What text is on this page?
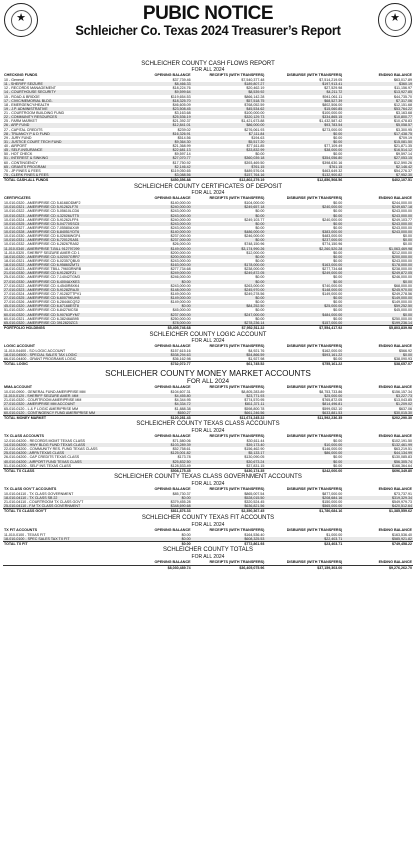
★	PUBIC NOTICE
Schleicher Co. Texas 2024 Treasurer’s Report
★
SCHLEICHER COUNTY CASH FLOWS REPORT
FOR ALL 2024
CHECKING FUNDS	OPENING BALANCE	RECEIPTS (WITH TRANSFERS)	DISBURSE (WITH TRANSFERS)	ENDING BALANCE
10 - General	$37,739.46	$7,540,377.48	$7,514,219.05	$63,017.89
11 - SHERIFF SEIZURE	$8,466.33	$189,807.27	$197,913.41	$360.19
12 - RECORDS MANAGEMENT	$18,224.76	$20,462.19	$27,529.98	$11,156.97
14 - COURTHOUSE SECURITY	$9,599.64	$8,539.92	$4,211.72	$13,927.85
15 - ROAD & BRIDGE	$119,654.53	$866,142.28	$941,061.11	$44,735.70
17 - CIVIC/MEMORIAL BLDG.	$18,325.70	$57,518.75	$68,527.39	$7,317.06
18 - EMERGENCY/HEALTH	$46,605.09	$768,052.59	$802,506.00	$12,151.68
19 - J.P. ADMINISTRATIVE	$23,508.45	$45,534.62	$15,060.85	$53,764.22
21 - COURTROOM BUILDING FUND	$3,163.68	$100,000.00	$100,000.00	$3,163.68
22 - COMMUNITY RESOURCES	$25,536.19	$320,129.73	$334,865.15	$10,800.77
25 - FARM MARKET	$21,392.37	$1,421,673.88	$1,432,587.42	$10,478.83
26 - ARP FUND	$12,841.01	$86,000.00	$93,783.54	$5,058.57
27 - CAPITAL CREDITS	$239.02	$276,061.93	$273,000.00	$3,300.95
28 - TRUANCY P & D FUND	$16,326.91	$7,111.84	$0.00	$17,438.75
29 - JURY FUND	$514.56	$194.63	$0.00	$709.19
31 - JUSTICE COURT TECH FUND	$9,364.30	$5,517.20	$0.00	$15,081.50
40 - AIRPORT	$21,368.99	$77,611.85	$77,109.49	$21,871.35
45 - SELF-INSURANCE	$22,681.13	$33,832.99	$38,000.00	$16,514.12
50 - HOT CHECK	$9,597.14	$0.00	$0.00	$9,597.14
51 - INTEREST & SINKING	$27,070.77	$360,039.18	$354,056.80	$27,053.15
60 - CONTINGENCY	$17,750.92	$393,469.50	$398,630.16	$12,590.26
65 - GRANTS PROGRAM	$2,146.42	$761.15	$761.15	$2,146.42
70 - JP FINES & FEES	$119,050.65	$489,576.04	$463,649.32	$54,276.37
75 - CLERK FINES & FEES	$3,088.56	$157,764.16	$132,900.82	$7,952.30
TOTAL CASH-ALL FUNDS	$450,356.88	$12,802,279.19	$12,850,508.56	$402,107.51
SCHLEICHER COUNTY CERTIFICATES OF DEPOSIT
FOR ALL 2024
CERTIFICATES	OPENING BALANCE	RECEIPTS (WITH TRANSFERS)	DISBURSE (WITH TRANSFERS)	ENDING BALANCE
10-010-0320 - AMERIPRISE CD 5-6168ODMF2	$140,000.00	$104,000.00	$0.00	$244,000.00
10-010-0321 - AMERIPRISE CD 5-91262LF70	$240,000.00	$249,657.18	$240,000.00	$249,657.18
10-010-0322 - AMERIPRISE CD 5-05610LCD6	$243,000.00	$0.00	$0.00	$243,000.00
10-010-0323 - AMERIPRISE CD 4-32026UTT5	$243,000.00	$0.00	$0.00	$243,000.00
10-010-0324 - AMERIPRISE CD 5-91262LFP4	$240,000.00	$249,103.77	$240,000.00	$249,103.77
10-010-0325 - AMERIPRISE CD 5-04770SSC5	$243,000.00	$0.00	$0.00	$243,000.00
10-010-0327 - AMERIPRISE CD 7-05580AX49	$243,000.00	$0.00	$0.00	$243,000.00
10-010-0328 - AMERIPRISE CD 6-84051YDT6	$140,000.00	$486,000.00	$383,000.00	$243,000.00
10-010-0330 - AMERIPRISE CD 6-02606WGF4	$237,000.00	$246,000.00	$483,000.00	$0.00
10-010-0331 - AMERIPRISE CD 6-72012SA51	$237,000.00	$0.00	$237,000.00	$0.00
10-010-0332 - AMERIPRISE CD 6-28267RA52	$26,000.00	$748,150.96	$774,150.96	$0.00
11-010-0340 - AMERIPRISE T-BILL 912797J99	$149,000.00	$3,174,990.26	$2,260,520.28	$1,063,469.98
11-010-0320 - SHERIFF SEIZURE AMER CD 1	$200,000.00	$12,000.00	$0.00	$212,000.00
18-010-0320 - AMERIPRISE CD 4-02007GRR7	$200,000.00	$0.00	$0.00	$200,000.00
18-010-0321 - AMERIPRISE CD 6-02357QBU0	$243,000.00	$0.00	$0.00	$243,000.00
18-010-0322 - AMERIPRISE CD 6-95860ZMT1	$163,000.00	$178,000.00	$163,000.00	$178,000.00
18-010-0323 - AMERIPRISE TBILL 79603RNRB	$277,734.68	$238,000.00	$277,734.68	$238,000.00
21-010-0330 - AMERIPRISE CD 6-91282FZ1	$249,000.00	$249,872.05	$249,000.00	$249,872.05
25-010-0330 - AMERIPRISE CD 7-14042TGM3	$246,000.00	$0.00	$0.00	$246,000.00
27-010-0330 - AMERIPRISE CD 6-4004AXKE3	$0.00	$0.00	$0.00	$0.00
27-010-0322 - AMERIPRISE CD 4-4540R8XK4	$243,000.00	$263,000.00	$740,000.00	$68,000.00
27-010-0323 - AMERIPRISE CD 5-9128ZRAJ0	$148,000.00	$245,970.00	$148,000.00	$245,970.00
27-010-0324 - AMERIPRISE CD 7-91282TTPV1	$149,000.00	$249,278.56	$149,000.00	$249,278.56
27-010-0325 - AMERIPRISE CD 6-60079KUH8	$149,000.00	$0.00	$0.00	$149,000.00
27-010-0326 - AMERIPRISE CD 6-28446CQS2	$149,000.00	$0.00	$0.00	$149,000.00
45-010-0320 - AMERIPRISE CD 6-67168EST8	$0.00	$84,252.50	$25,000.00	$59,252.50
51-010-0320 - AMERIPRISE CD 6-84276ICS8	$45,000.00	$0.00	$0.00	$45,000.00
60-010-0320 - AMERIPRISE CD 5-90763PYM7	$237,000.00	$247,000.00	$484,000.00	$0.00
60-010-0321 - AMERIPRISE CD 6-38246AB95	$250,000.00	$0.00	$0.00	$250,000.00
65-010-0320 - AMERIPRISE CD 3912820ZC3	$78,000.00	$278,236.14	$157,000.00	$199,236.14
PORTFOLIO HOLDINGS	$5,405,746.68	$7,952,511.22	$7,554,417.92	$5,803,839.98
SCHLEICHER COUNTY LOGIC ACCOUNT
FOR ALL 2024
LOGIC ACCOUNT	OPENING BALANCE	RECEIPTS (WITH TRANSFERS)	DISBURSE (WITH TRANSFERS)	ENDING BALANCE
11-010-04400 - SO LOGIC ACCOUNT	$157,615.16	$4,921.76	$162,000.00	$566.92
18-010-04500 - SPECIAL SALES TAX LOGIC	$538,294.63	$54,866.59	$593,161.22	$0.00
66-010-04400 - GRANT PROGRAMS LOGIC	$36,162.98	$1,927.98	$0.00	$38,090.93
TOTAL LOGIC	$732,072.77	$61,745.52	$755,161.22	$38,657.07
SCHLEICHER COUNTY MONEY MARKET ACCOUNTS
FOR ALL 2024
MMA ACCOUNT	OPENING BALANCE	RECEIPTS (WITH TRANSFERS)	DISBURSE (WITH TRANSFERS)	ENDING BALANCE
10-010-0900 - GENERAL FUND AMERIPRISE MM	$104,607.31	$8,805,283.89	$8,753,733.86	$156,157.34
11-010-0120 - SHERIFF SEIZURE AMER. MM	$4,455.80	$23,771.93	$25,000.00	$3,227.73
21-010-0320 - COURTROOM AMERIPRISE MM	$4,344.95	$774,570.95	$765,872.05	$13,043.85
27-010-0320 - AMERIPRISE MM ACCOUNT	$4,334.72	$811,371.11	$814,496.81	$1,209.02
65-010-0120 - L & F LOGIC AMERIPRISE MM	$1,888.38	$598,800.78	$599,052.10	$637.06
60-010-0120 - CONTINGENCY FUND AMERIPRISE MM	$650.27	$661,246.56	$633,881.53	$30,015.30
TOTAL MONEY MARKET	$120,281.43	$11,674,245.22	$11,592,236.35	$202,290.30
SCHLEICHER COUNTY TEXAS CLASS ACCOUNTS
FOR ALL 2024
TX CLASS ACCOUNTS	OPENING BALANCE	RECEIPTS (WITH TRANSFERS)	DISBURSE (WITH TRANSFERS)	ENDING BALANCE
12-010-04200 - RECORDS MGMT TEXAS CLASS	$71,580.06	$30,611.44	$0.00	$102,191.50
14-010-04200 - HWY BLDG FUND TEXAS CLASS	$103,289.39	$39,173.40	$10,000.00	$132,461.99
22-010-04200 - COMMUNITY RES. FUND TEXAS CLASS	$52,758.61	$156,462.90	$146,000.00	$63,219.51
25-010-04200 - ARPA TEXAS CLASS	$125,001.82	$5,133.17	$86,000.00	$44,134.99
26-010-04200 - CAP CREDITS TEXAS CLASS	$173.78	$130,090.05	$0.00	$130,085.83
40-010-04200 - AIRPORT FUND TEXAS CLASS	$25,832.50	$30,673.24	$0.00	$56,305.74
51-010-04200 - SELF INS TEXAS CLASS	$128,533.49	$37,831.15	$0.00	$166,364.64
TOTAL TX CLASS	$508,175.45	$430,174.35	$242,000.00	$696,349.80
SCHLEICHER COUNTY TEXAS CLASS GOVERNMENT ACCOUNTS
FOR ALL 2024
TX CLASS GOV'T ACCOUNTS	OPENING BALANCE	RECEIPTS (WITH TRANSFERS)	DISBURSE (WITH TRANSFERS)	ENDING BALANCE
10-010-04110 - TX CLASS GOVERNMENT	$85,730.37	$865,007.54	$877,000.00	$73,737.91
18-010-04110 - TX CLASS SB 22	$0.00	$528,015.50	$208,684.16	$319,329.34
21-010-04110 - COURTROOM TX CLASS GOV'T	$379,455.28	$320,524.45	$150,000.00	$549,979.73
25-010-04110 - F.M TX CLASS GOVERNMENT	$348,690.68	$636,821.56	$565,000.00	$420,512.64
TOTAL TX CLASS GOV'T	$811,876.33	$2,350,367.45	$1,780,684.16	$1,385,559.62
SCHLEICHER COUNTY TEXAS FIT ACCOUNTS
FOR ALL 2024
TX FIT ACCOUNTS	OPENING BALANCE	RECEIPTS (WITH TRANSFERS)	DISBURSE (WITH TRANSFERS)	ENDING BALANCE
11-010-0100 - TEXAS FIT	$0.00	$164,536.40	$1,000.00	$163,536.40
18-010-0100 - SPEC SALES TAX TX FIT	$0.00	$608,325.53	$22,403.71	$585,921.82
TOTAL TX FIT	$0.00	$772,861.93	$23,403.71	$749,458.22
SCHLEICHER COUNTY TOTALS
FOR ALL 2024
	OPENING BALANCE	RECEIPTS (WITH TRANSFERS)	DISBURSE (WITH TRANSFERS)	ENDING BALANCE
	$8,030,489.74	$36,405,075.96	$37,159,303.00	$9,276,262.70
